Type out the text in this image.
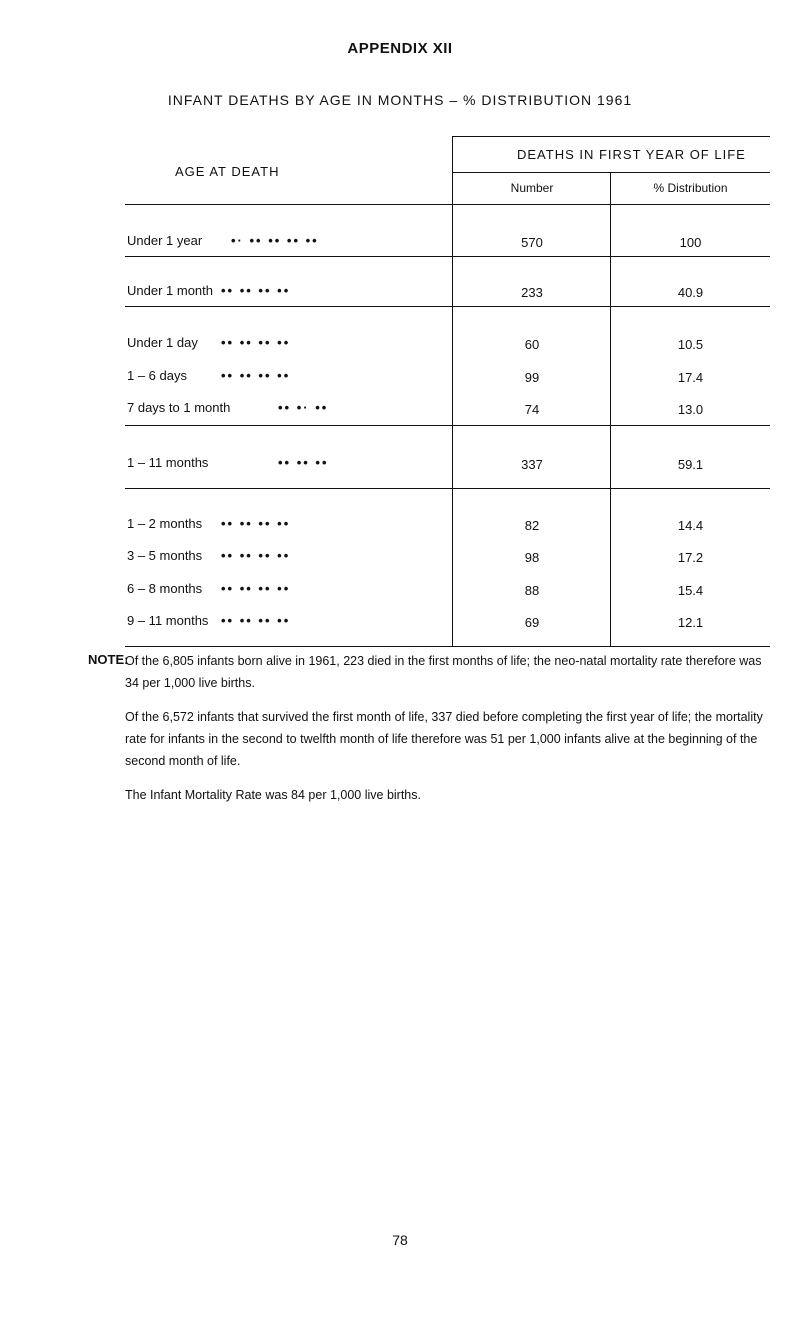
APPENDIX XII
INFANT DEATHS BY AGE IN MONTHS – % DISTRIBUTION 1961
AGE AT DEATH
DEATHS IN FIRST YEAR OF LIFE
Number	% Distribution
Under 1 year •· •• •• •• ••	570	100
Under 1 month •• •• •• ••	233	40.9
Under 1 day •• •• •• ••	60	10.5
1 – 6 days	•• •• •• ••	99	17.4
7 days to 1 month	•• •· ••	74	13.0
1 – 11 months	•• •• ••	337	59.1
1 – 2 months •• •• •• ••	82	14.4
3 – 5 months •• •• •• ••	98	17.2
6 – 8 months •• •• •• ••	88	15.4
9 – 11 months •• •• •• ••	69	12.1
NOTE:

Of the 6,805 infants born alive in 1961, 223 died in the first months of life; the neo-natal mortality rate therefore was 34 per 1,000 live births.

Of the 6,572 infants that survived the first month of life, 337 died before completing the first year of life; the mortality rate for infants in the second to twelfth month of life therefore was 51 per 1,000 infants alive at the beginning of the second month of life.

The Infant Mortality Rate was 84 per 1,000 live births.

78
